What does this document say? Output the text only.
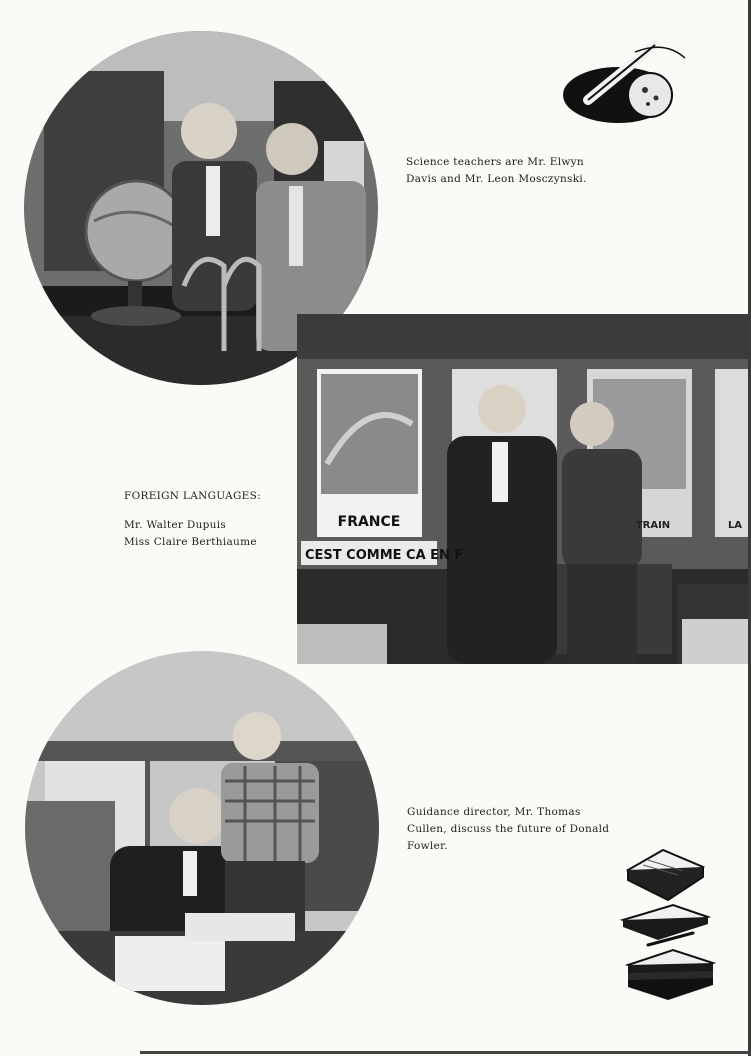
Science teachers are Mr. Elwyn
Davis and Mr. Leon Mosczynski.

FRANCE	TRAIN	LA
CEST COMME CA EN F
FOREIGN LANGUAGES:
Mr. Walter Dupuis
Miss Claire Berthiaume

Guidance director, Mr. Thomas
Cullen, discuss the future of Donald
Fowler.
